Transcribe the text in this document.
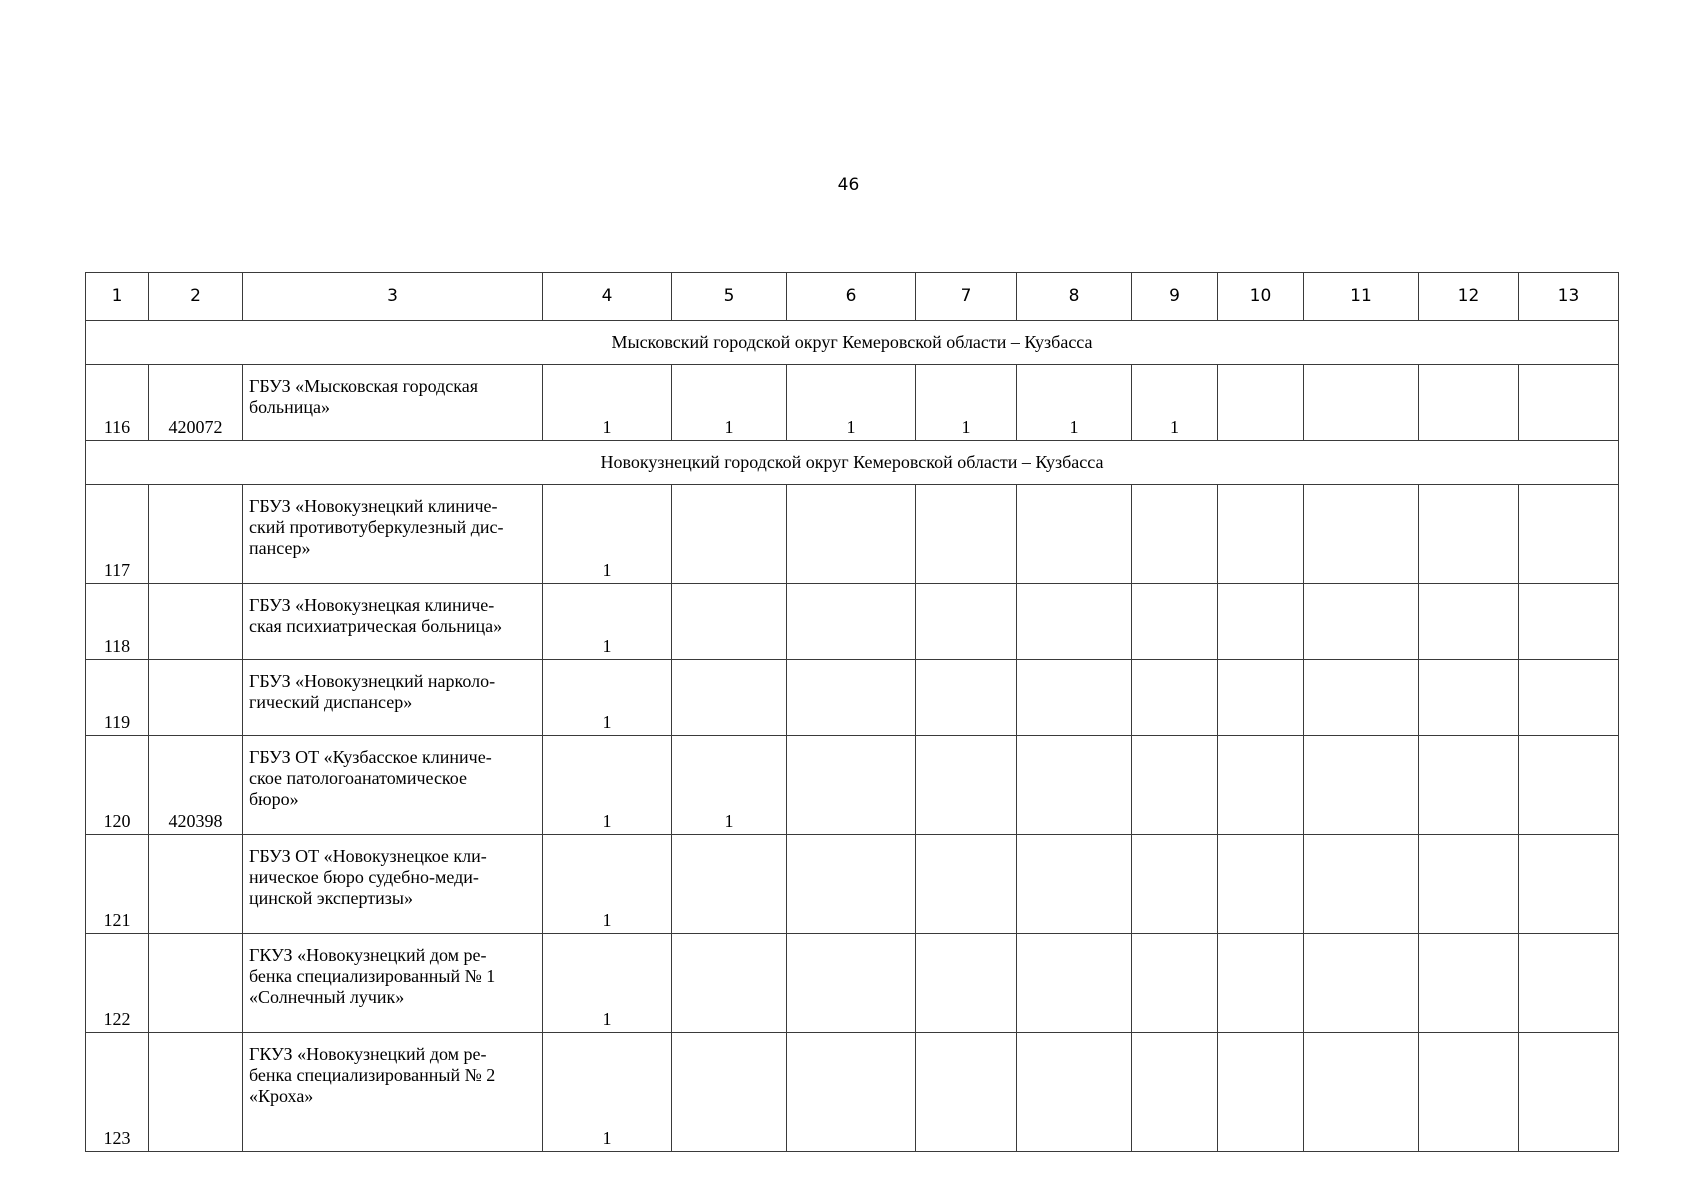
46
1	2	3	4	5	6	7	8	9	10	11	12	13
Мысковский городской округ Кемеровской области – Кузбасса												
116	420072	ГБУЗ «Мысковская городская
больница»	1	1	1	1	1	1				
Новокузнецкий городской округ Кемеровской области – Кузбасса												
117		ГБУЗ «Новокузнецкий клиниче-
ский противотуберкулезный дис-
пансер»	1									
118		ГБУЗ «Новокузнецкая клиниче-
ская психиатрическая больница»	1									
119		ГБУЗ «Новокузнецкий нарколо-
гический диспансер»	1									
120	420398	ГБУЗ ОТ «Кузбасское клиниче-
ское патологоанатомическое
бюро»	1	1								
121		ГБУЗ ОТ «Новокузнецкое кли-
ническое бюро судебно-меди-
цинской экспертизы»	1									
122		ГКУЗ «Новокузнецкий дом ре-
бенка специализированный № 1
«Солнечный лучик»	1									
123		ГКУЗ «Новокузнецкий дом ре-
бенка специализированный № 2
«Кроха»	1									
